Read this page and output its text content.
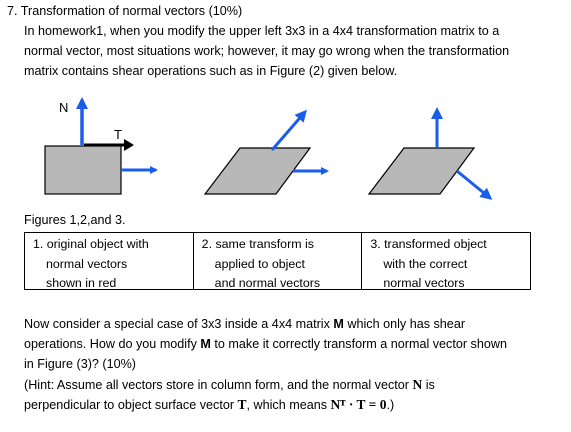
7. Transformation of normal vectors (10%)
In homework1, when you modify the upper left 3x3 in a 4x4 transformation matrix to a
normal vector, most situations work; however, it may go wrong when the transformation
matrix contains shear operations such as in Figure (2) given below.
N
T
Figures 1,2,and 3.
1. original object with
normal vectors
shown in red
2. same transform is
applied to object
and normal vectors
3. transformed object
with the correct
normal vectors
Now consider a special case of 3x3 inside a 4x4 matrix M which only has shear
operations. How do you modify M to make it correctly transform a normal vector shown
in Figure (3)? (10%)
(Hint: Assume all vectors store in column form, and the normal vector N is
perpendicular to object surface vector T, which means Nᵀ · T = 0.)
